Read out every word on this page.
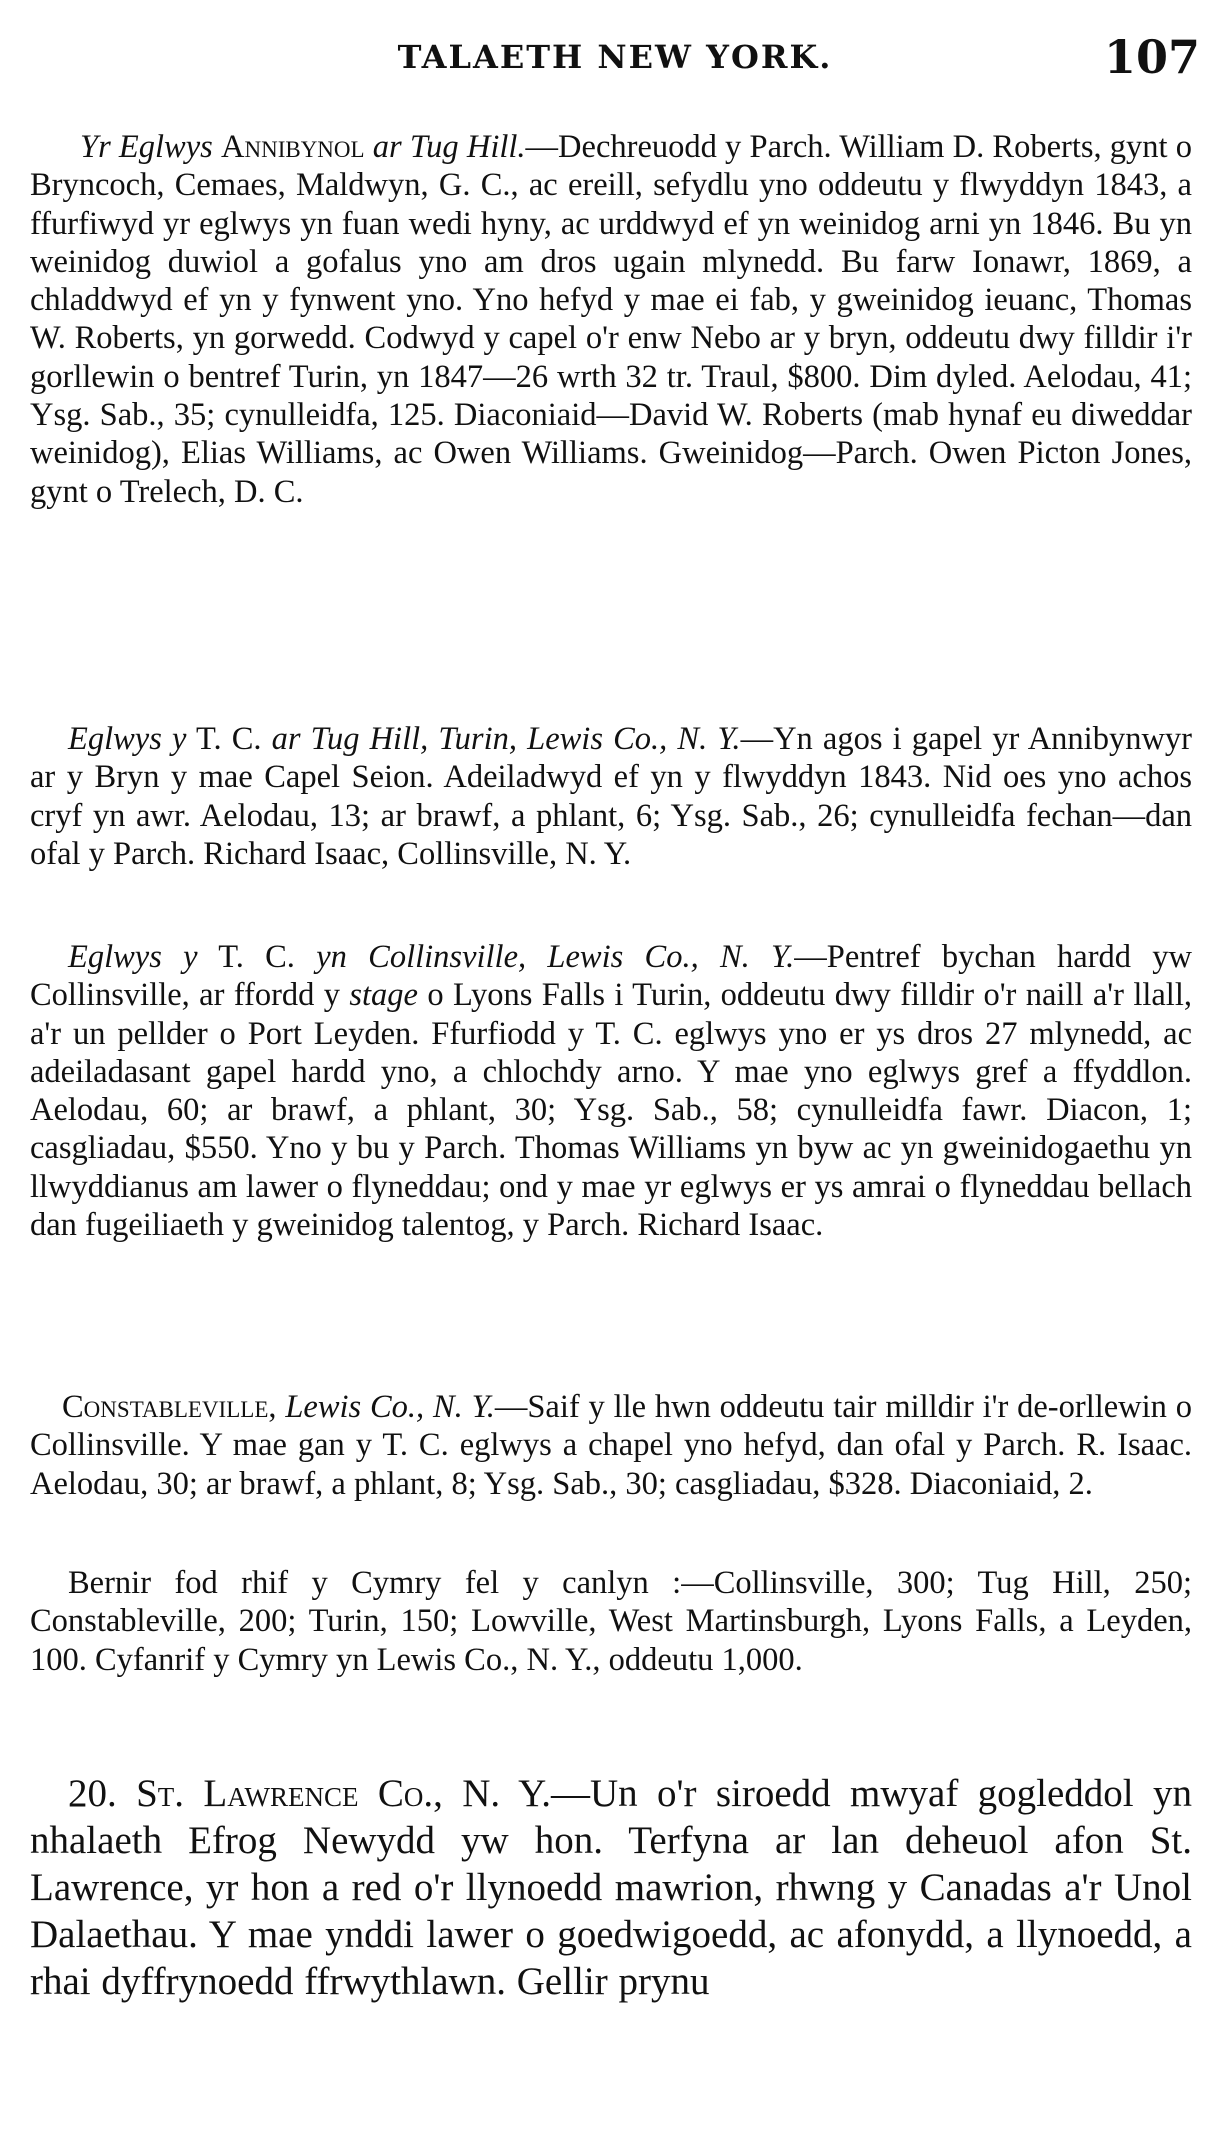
TALAETH NEW YORK.	107

Yr Eglwys Annibynol ar Tug Hill.—Dechreuodd y Parch. William D. Roberts, gynt o Bryncoch, Cemaes, Maldwyn, G. C., ac ereill, sefydlu yno oddeutu y flwyddyn 1843, a ffurfiwyd yr eglwys yn fuan wedi hyny, ac urddwyd ef yn weinidog arni yn 1846. Bu yn weinidog duwiol a gofalus yno am dros ugain mlynedd. Bu farw Ionawr, 1869, a chladdwyd ef yn y fynwent yno. Yno hefyd y mae ei fab, y gweinidog ieuanc, Thomas W. Roberts, yn gorwedd. Codwyd y capel o'r enw Nebo ar y bryn, oddeutu dwy filldir i'r gorllewin o bentref Turin, yn 1847—26 wrth 32 tr. Traul, $800. Dim dyled. Aelodau, 41; Ysg. Sab., 35; cynulleidfa, 125. Diaconiaid—David W. Roberts (mab hynaf eu diweddar weinidog), Elias Williams, ac Owen Williams. Gweinidog—Parch. Owen Picton Jones, gynt o Trelech, D. C.

Eglwys y T. C. ar Tug Hill, Turin, Lewis Co., N. Y.—Yn agos i gapel yr Annibynwyr ar y Bryn y mae Capel Seion. Adeiladwyd ef yn y flwyddyn 1843. Nid oes yno achos cryf yn awr. Aelodau, 13; ar brawf, a phlant, 6; Ysg. Sab., 26; cynulleidfa fechan—dan ofal y Parch. Richard Isaac, Collinsville, N. Y.

Eglwys y T. C. yn Collinsville, Lewis Co., N. Y.—Pentref bychan hardd yw Collinsville, ar ffordd y stage o Lyons Falls i Turin, oddeutu dwy filldir o'r naill a'r llall, a'r un pellder o Port Leyden. Ffurfiodd y T. C. eglwys yno er ys dros 27 mlynedd, ac adeiladasant gapel hardd yno, a chlochdy arno. Y mae yno eglwys gref a ffyddlon. Aelodau, 60; ar brawf, a phlant, 30; Ysg. Sab., 58; cynulleidfa fawr. Diacon, 1; casgliadau, $550. Yno y bu y Parch. Thomas Williams yn byw ac yn gweinidogaethu yn llwyddianus am lawer o flyneddau; ond y mae yr eglwys er ys amrai o flyneddau bellach dan fugeiliaeth y gweinidog talentog, y Parch. Richard Isaac.

Constableville, Lewis Co., N. Y.—Saif y lle hwn oddeutu tair milldir i'r de-orllewin o Collinsville. Y mae gan y T. C. eglwys a chapel yno hefyd, dan ofal y Parch. R. Isaac. Aelodau, 30; ar brawf, a phlant, 8; Ysg. Sab., 30; casgliadau, $328. Diaconiaid, 2.

Bernir fod rhif y Cymry fel y canlyn :—Collinsville, 300; Tug Hill, 250; Constableville, 200; Turin, 150; Lowville, West Martinsburgh, Lyons Falls, a Leyden, 100. Cyfanrif y Cymry yn Lewis Co., N. Y., oddeutu 1,000.

20. St. Lawrence Co., N. Y.—Un o'r siroedd mwyaf gogleddol yn nhalaeth Efrog Newydd yw hon. Terfyna ar lan deheuol afon St. Lawrence, yr hon a red o'r llynoedd mawrion, rhwng y Canadas a'r Unol Dalaethau. Y mae ynddi lawer o goedwigoedd, ac afonydd, a llynoedd, a rhai dyffrynoedd ffrwythlawn. Gellir prynu
